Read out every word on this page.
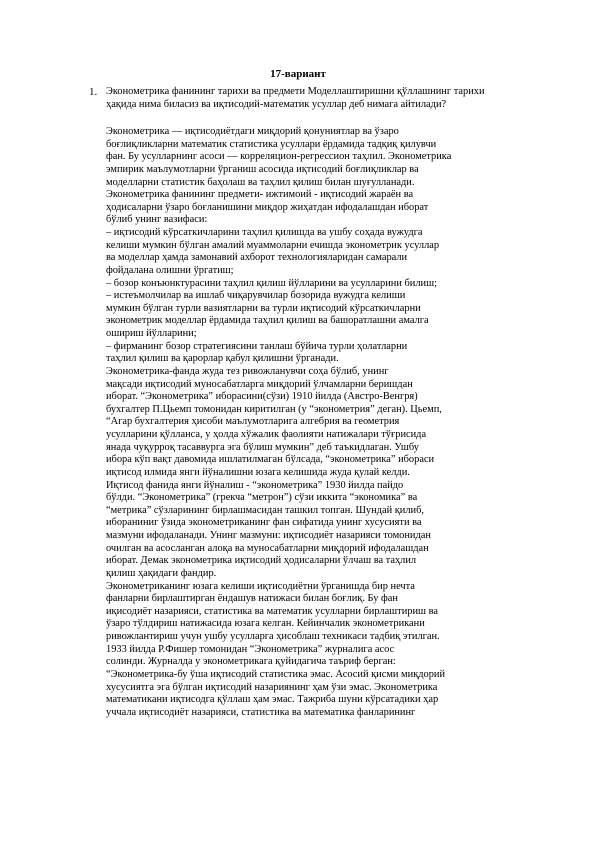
17-вариант
1. Эконометрика фанининг тарихи ва предмети Моделлаштиришни қўллашнинг тарихи
ҳақида нима биласиз ва иқтисодий-математик усуллар деб нимага айтилади?
Эконометрика — иқтисодиётдаги миқдорий қонуниятлар ва ўзаро
боғлиқликларни математик статистика усуллари ёрдамида тадқиқ қилувчи
фан. Бу усулларнинг асоси — корреляцион-регрессион таҳлил. Эконометрика
эмпирик маълумотларни ўрганиш асосида иқтисодий боғлиқликлар ва
моделларни статистик баҳолаш ва таҳлил қилиш билан шуғулланади.
Эконометрика фанининг предмети- ижтимоий - иқтисодий жараён ва
ҳодисаларни ўзаро боғланишини миқдор жиҳатдан ифодалашдан иборат
бўлиб унинг вазифаси:
– иқтисодий кўрсаткичларини таҳлил қилишда ва ушбу соҳада вужудга
келиши мумкин бўлган амалий муаммоларни ечишда эконометрик усуллар
ва моделлар ҳамда замонавий ахборот технологияларидан самарали
фойдалана олишни ўргатиш;
– бозор конъюнктурасини таҳлил қилиш йўлларини ва усулларини билиш;
– истеъмолчилар ва ишлаб чиқарувчилар бозорида вужудга келиши
мумкин бўлган турли вазиятларни ва турли иқтисодий кўрсаткичларни
эконометрик моделлар ёрдамида таҳлил қилиш ва башоратлашни амалга
ошириш йўлларини;
– фирманинг бозор стратегиясини танлаш бўйича турли ҳолатларни
таҳлил қилиш ва қарорлар қабул қилишни ўрганади.
Эконометрика-фанда жуда тез ривожланувчи соҳа бўлиб, унинг
мақсади иқтисодий муносабатларга миқдорий ўлчамларни беришдан
иборат. “Эконометрика” иборасини(сўзи) 1910 йилда (Австро-Венгря)
бухгалтер П.Цьемп томонидан киритилган (у “эконометрия” деган). Цьемп,
“Агар бухгалтерия ҳисоби маълумотларига алгебрия ва геометрия
усулларини қўлланса, у ҳолда хўжалик фаолияти натижалари тўғрисида
янада чуқурроқ тасаввурга эга бўлиш мумкин” деб таъкидлаган. Ушбу
ибора кўп вақт давомида ишлатилмаган бўлсада, “эконометрика” ибораси
иқтисод илмида янги йўналишни юзага келишида жуда қулай келди.
Иқтисод фанида янги йўналиш - “эконометрика” 1930 йилда пайдо
бўлди. “Эконометрика” (грекча “метрон”) сўзи иккита “экономика” ва
“метрика” сўзларининг бирлашмасидан ташкил топган. Шундай қилиб,
ибораниниг ўзида эконометриканинг фан сифатида унинг хусусияти ва
мазмуни ифодаланади. Унинг мазмуни: иқтисодиёт назарияси томонидан
очилган ва асосланган алоқа ва муносабатларни миқдорий ифодалашдан
иборат. Демак эконометрика иқтисодий ҳодисаларни ўлчаш ва таҳлил
қилиш ҳақидаги фандир.
Эконометриканинг юзага келиши иқтисодиётни ўрганишда бир нечта
фанларни бирлаштирган ёндашув натижаси билан боғлиқ. Бу фан
иқисодиёт назарияси, статистика ва математик усулларни бирлаштириш ва
ўзаро тўлдириш натижасида юзага келган. Кейинчалик эконометрикани
ривожлантириш учун ушбу усулларга ҳисоблаш техникаси тадбиқ этилган.
1933 йилда Р.Фишер томонидан “Эконометрика” журналига асос
солинди. Журналда у эконометрикага қуйидагича таъриф берган:
“Эконометрика-бу ўша иқтисодий статистика эмас. Асосий қисми миқдорий
хусусиятга эга бўлган иқтисодий назариянинг ҳам ўзи эмас. Эконометрика
математикани иқтисодга қўллаш ҳам эмас. Тажриба шуни кўрсатадики ҳар
уччала иқтисодиёт назарияси, статистика ва математика фанларининг
